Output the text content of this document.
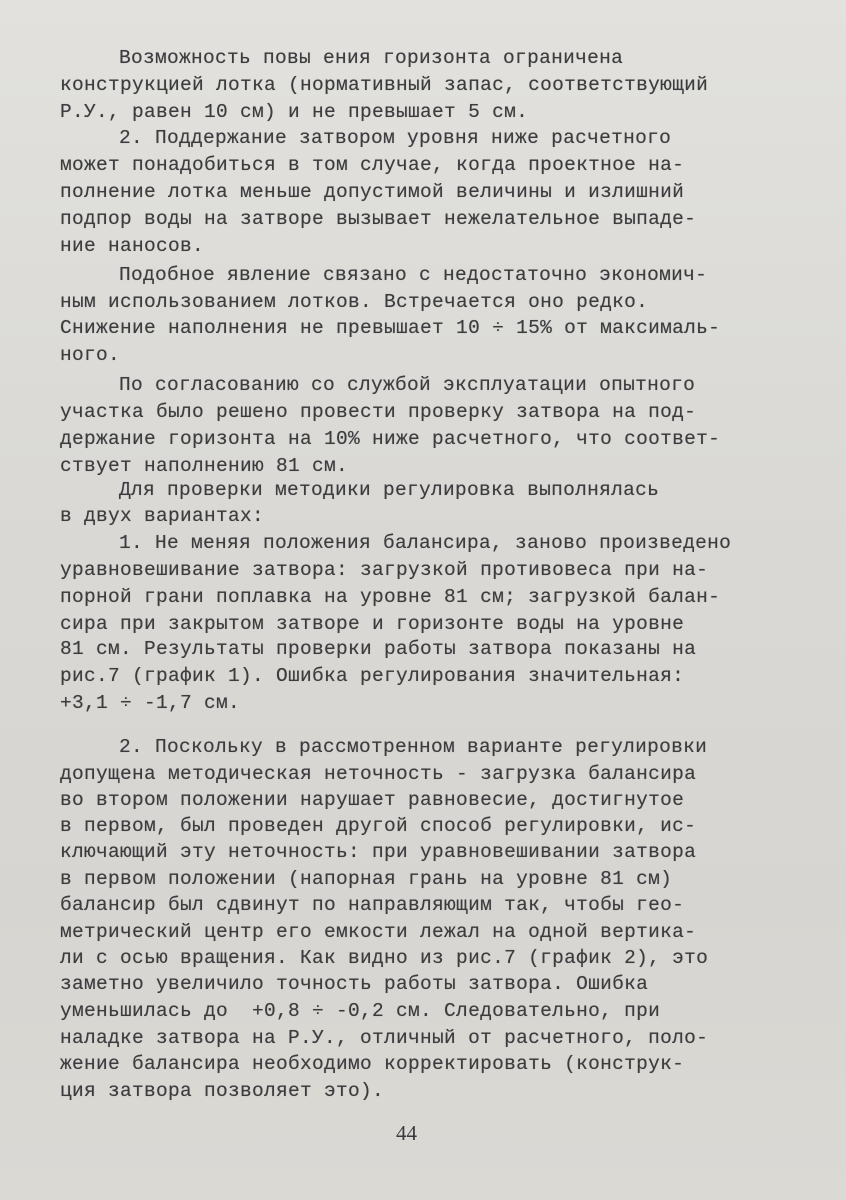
Возможность повы ения горизонта ограничена
конструкцией лотка (нормативный запас, соответствующий
Р.У., равен 10 см) и не превышает 5 см.
2. Поддержание затвором уровня ниже расчетного
может понадобиться в том случае, когда проектное на-
полнение лотка меньше допустимой величины и излишний
подпор воды на затворе вызывает нежелательное выпаде-
ние наносов.
Подобное явление связано с недостаточно экономич-
ным использованием лотков. Встречается оно редко.
Снижение наполнения не превышает 10 ÷ 15% от максималь-
ного.
По согласованию со службой эксплуатации опытного
участка было решено провести проверку затвора на под-
держание горизонта на 10% ниже расчетного, что соответ-
ствует наполнению 81 см.
Для проверки методики регулировка выполнялась
в двух вариантах:
1. Не меняя положения балансира, заново произведено
уравновешивание затвора: загрузкой противовеса при на-
порной грани поплавка на уровне 81 см; загрузкой балан-
сира при закрытом затворе и горизонте воды на уровне
81 см. Результаты проверки работы затвора показаны на
рис.7 (график 1). Ошибка регулирования значительная:
+3,1 ÷ -1,7 см.
2. Поскольку в рассмотренном варианте регулировки
допущена методическая неточность - загрузка балансира
во втором положении нарушает равновесие, достигнутое
в первом, был проведен другой способ регулировки, ис-
ключающий эту неточность: при уравновешивании затвора
в первом положении (напорная грань на уровне 81 см)
балансир был сдвинут по направляющим так, чтобы гео-
метрический центр его емкости лежал на одной вертика-
ли с осью вращения. Как видно из рис.7 (график 2), это
заметно увеличило точность работы затвора. Ошибка
уменьшилась до  +0,8 ÷ -0,2 см. Следовательно, при
наладке затвора на Р.У., отличный от расчетного, поло-
жение балансира необходимо корректировать (конструк-
ция затвора позволяет это).
44
